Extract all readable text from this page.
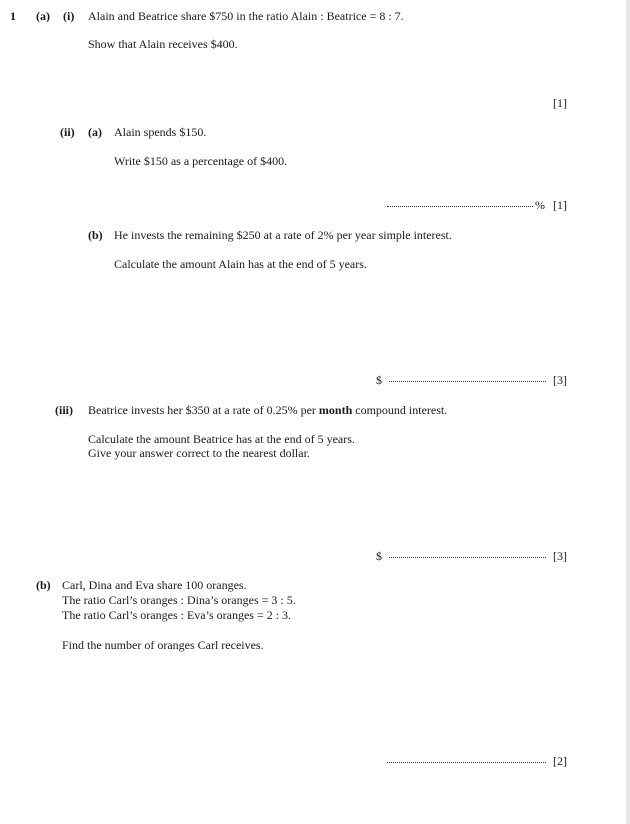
1 (a) (i) Alain and Beatrice share $750 in the ratio Alain : Beatrice = 8 : 7.
Show that Alain receives $400.
[1]
(ii) (a) Alain spends $150.
Write $150 as a percentage of $400.
% [1]
(b) He invests the remaining $250 at a rate of 2% per year simple interest.
Calculate the amount Alain has at the end of 5 years.
$	[3]
(iii) Beatrice invests her $350 at a rate of 0.25% per month compound interest.
Calculate the amount Beatrice has at the end of 5 years.
Give your answer correct to the nearest dollar.
$	[3]
(b) Carl, Dina and Eva share 100 oranges.
The ratio Carl’s oranges : Dina’s oranges = 3 : 5.
The ratio Carl’s oranges : Eva’s oranges = 2 : 3.
Find the number of oranges Carl receives.
[2]
